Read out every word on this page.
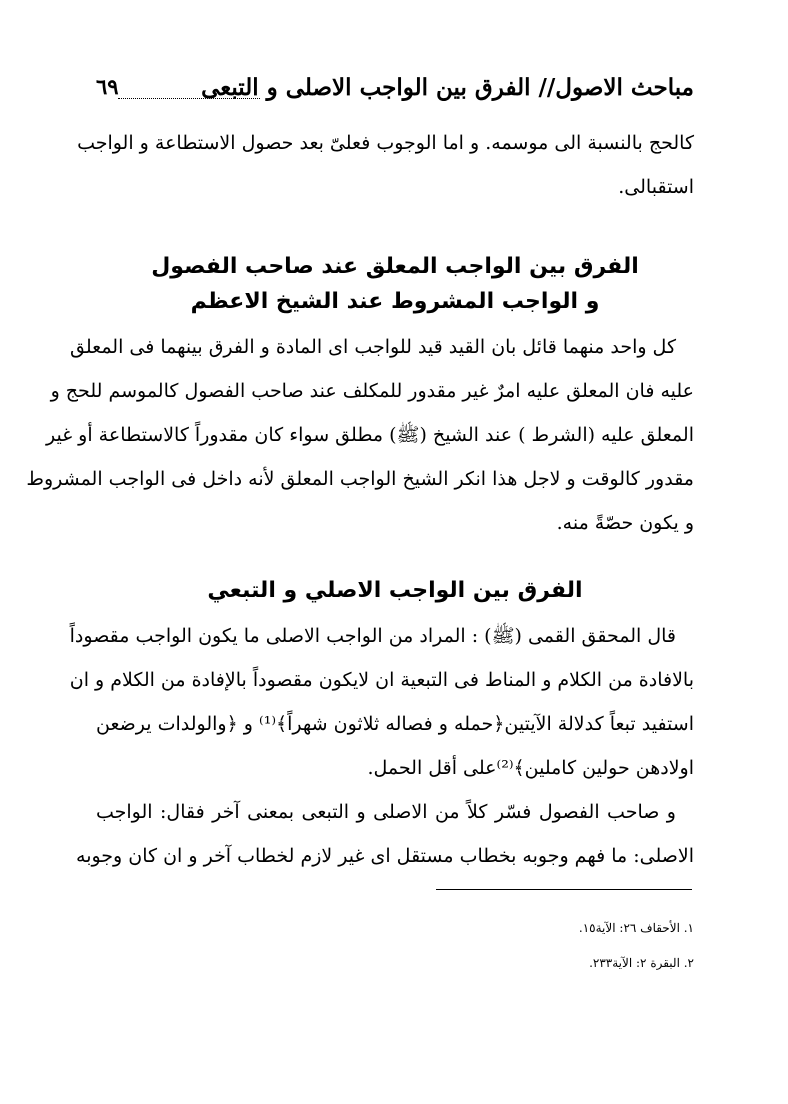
مباحث الاصول// الفرق بين الواجب الاصلى و التبعى
٦٩
كالحج بالنسبة الى موسمه. و اما الوجوب فعلىّ بعد حصول الاستطاعة و الواجب
استقبالى.
الفرق بين الواجب المعلق عند صاحب الفصول
و الواجب المشروط عند الشيخ الاعظم
كل واحد منهما قائل بان القيد قيد للواجب اى المادة و الفرق بينهما فى المعلق
عليه فان المعلق عليه امرٌ غير مقدور للمكلف عند صاحب الفصول كالموسم للحج و
المعلق عليه (الشرط ) عند الشيخ (ﷺ) مطلق سواء كان مقدوراً كالاستطاعة أو غير
مقدور كالوقت و لاجل هذا انكر الشيخ الواجب المعلق لأنه داخل فى الواجب المشروط
و يكون حصّةً منه.
الفرق بين الواجب الاصلي و التبعي
قال المحقق القمى (ﷺ) : المراد من الواجب الاصلى ما يكون الواجب مقصوداً
بالافادة من الكلام و المناط فى التبعية ان لايكون مقصوداً بالإفادة من الكلام و ان
استفيد تبعاً كدلالة الآيتين﴿حمله و فصاله ثلاثون شهراً﴾⁽¹⁾ و ﴿والولدات يرضعن
اولادهن حولين كاملين﴾⁽²⁾على أقل الحمل.
و صاحب الفصول فسّر كلاً من الاصلى و التبعى بمعنى آخر فقال: الواجب
الاصلى: ما فهم وجوبه بخطاب مستقل اى غير لازم لخطاب آخر و ان كان وجوبه
١. الأحقاف ٢٦: الآية١٥.
٢. البقرة ٢: الآية٢٣٣.
